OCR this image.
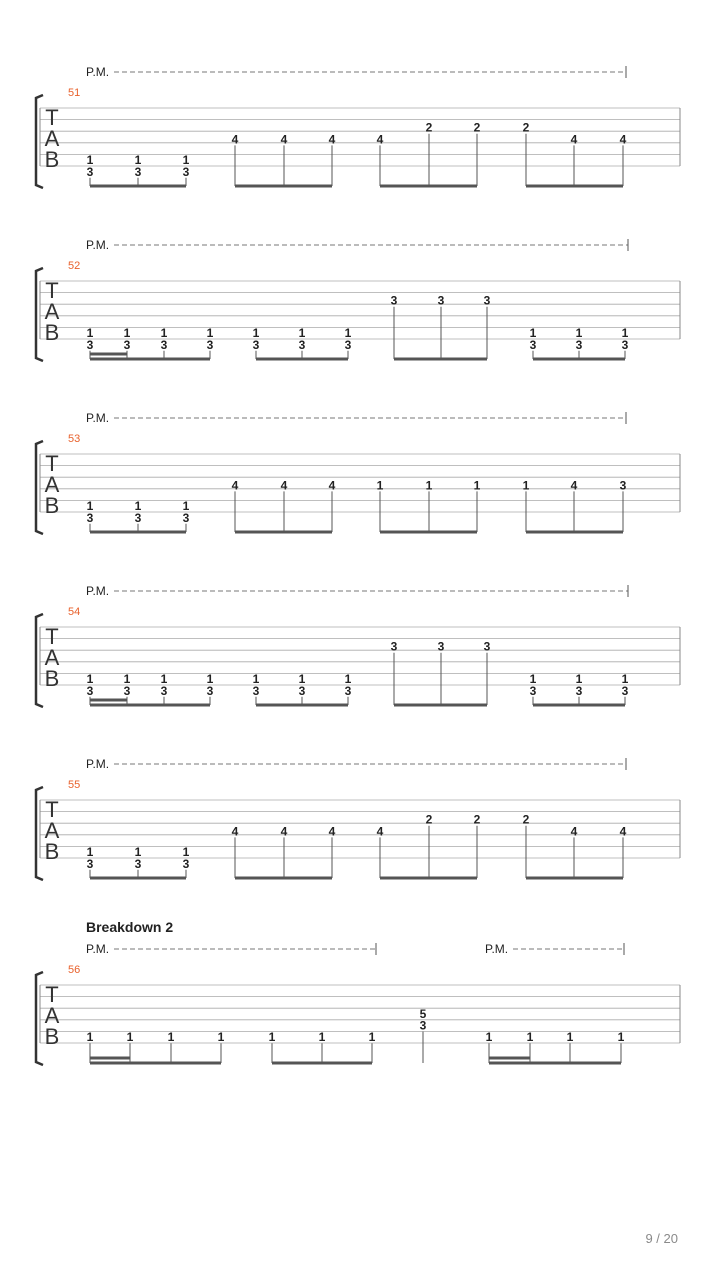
P.M.
51
T
A
B 1
3
1
3
1
3
4	4	4	4
2	2	2
4	4
P.M.
52
T
A
B 1
3
1
3
1
3
1
3
1
3
1
3
1
3
3	3	3
1
3
1
3
1
3
P.M.
53
T
A
B 1
3
1
3
1
3
4	4	4	1	1	1	1	4	3
P.M.
54
T
A
B 1
3
1
3
1
3
1
3
1
3
1
3
1
3
3	3	3
1
3
1
3
1
3
P.M.
55
T
A
B 1
3
1
3
1
3
4	4	4	4
2	2	2
4	4
Breakdown 2
P.M.	P.M.
56
T
A
B 1	1	1	1	1	1	1
5
3
1	1	1	1
9 / 20
